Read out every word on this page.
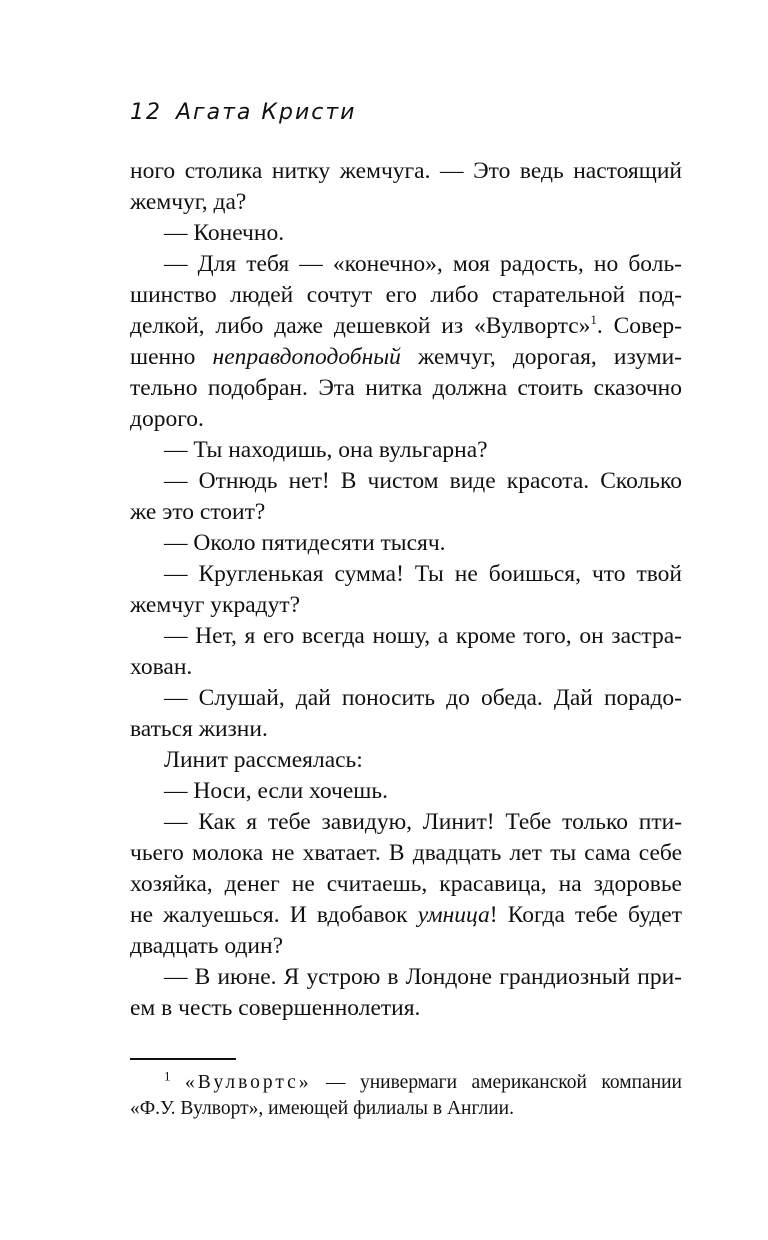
12 Агата Кристи
ного столика нитку жемчуга. — Это ведь настоящий
жемчуг, да?
— Конечно.
— Для тебя — «конечно», моя радость, но боль-
шинство людей сочтут его либо старательной под-
делкой, либо даже дешевкой из «Вулвортс»$^1$. Совер-
шенно неправдоподобный жемчуг, дорогая, изуми-
тельно подобран. Эта нитка должна стоить сказочно
дорого.
— Ты находишь, она вульгарна?
— Отнюдь нет! В чистом виде красота. Сколько
же это стоит?
— Около пятидесяти тысяч.
— Кругленькая сумма! Ты не боишься, что твой
жемчуг украдут?
— Нет, я его всегда ношу, а кроме того, он застра-
хован.
— Слушай, дай поносить до обеда. Дай порадо-
ваться жизни.
Линит рассмеялась:
— Носи, если хочешь.
— Как я тебе завидую, Линит! Тебе только пти-
чьего молока не хватает. В двадцать лет ты сама себе
хозяйка, денег не считаешь, красавица, на здоровье
не жалуешься. И вдобавок умница! Когда тебе будет
двадцать один?
— В июне. Я устрою в Лондоне грандиозный при-
ем в честь совершеннолетия.
$^1$ «Вулвортс» — универмаги американской компании
«Ф.У. Вулворт», имеющей филиалы в Англии.
